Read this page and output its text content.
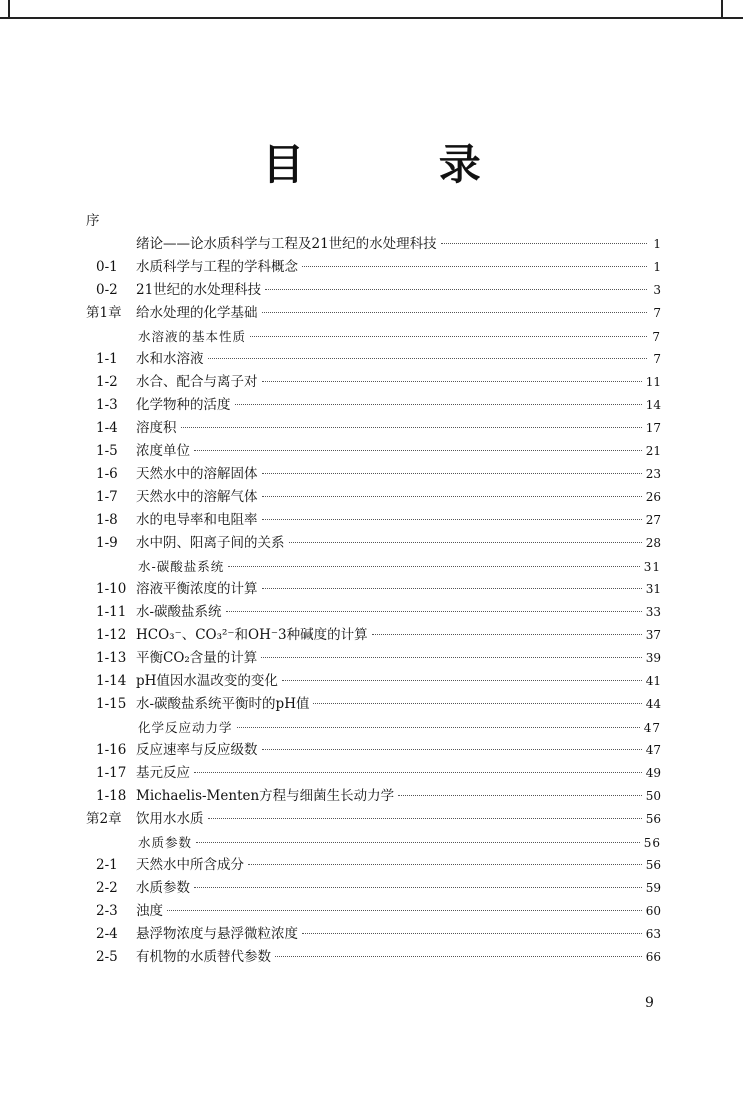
目 录
序
绪论——论水质科学与工程及21世纪的水处理科技	1
0-1	水质科学与工程的学科概念	1
0-2	21世纪的水处理科技	3
第1章	给水处理的化学基础	7
水溶液的基本性质	7
1-1	水和水溶液	7
1-2	水合、配合与离子对	11
1-3	化学物种的活度	14
1-4	溶度积	17
1-5	浓度单位	21
1-6	天然水中的溶解固体	23
1-7	天然水中的溶解气体	26
1-8	水的电导率和电阻率	27
1-9	水中阴、阳离子间的关系	28
水-碳酸盐系统	31
1-10 溶液平衡浓度的计算	31
1-11 水-碳酸盐系统	33
1-12 HCO₃⁻、CO₃²⁻和OH⁻3种碱度的计算	37
1-13 平衡CO₂含量的计算	39
1-14 pH值因水温改变的变化	41
1-15 水-碳酸盐系统平衡时的pH值	44
化学反应动力学	47
1-16 反应速率与反应级数	47
1-17 基元反应	49
1-18 Michaelis-Menten方程与细菌生长动力学	50
第2章	饮用水水质	56
水质参数	56
2-1	天然水中所含成分	56
2-2	水质参数	59
2-3	浊度	60
2-4	悬浮物浓度与悬浮微粒浓度	63
2-5	有机物的水质替代参数	66
9
